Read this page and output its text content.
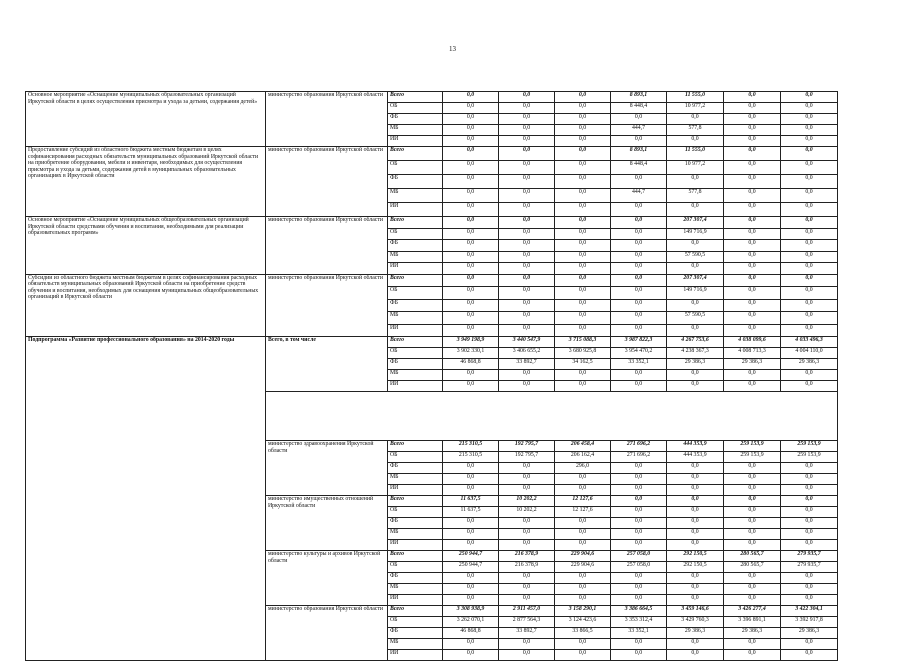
13
Основное мероприятие «Оснащение муниципальных образовательных организаций Иркутской области в целях осуществления присмотра и ухода за детьми, содержания детей»	министерство образования Иркутской области	Всего	0,0	0,0	0,0	8 893,1	11 555,0	0,0	0,0
		ОБ	0,0	0,0	0,0	8 448,4	10 977,2	0,0	0,0
		ФБ	0,0	0,0	0,0	0,0	0,0	0,0	0,0
		МБ	0,0	0,0	0,0	444,7	577,8	0,0	0,0
		ИИ	0,0	0,0	0,0	0,0	0,0	0,0	0,0
Предоставление субсидий из областного бюджета местным бюджетам в целях софинансирования расходных обязательств муниципальных образований Иркутской области на приобретение оборудования, мебели и инвентаря, необходимых для осуществления присмотра и ухода за детьми, содержания детей в муниципальных образовательных организациях в Иркутской области	министерство образования Иркутской области	Всего	0,0	0,0	0,0	8 893,1	11 555,0	0,0	0,0
		ОБ	0,0	0,0	0,0	8 448,4	10 977,2	0,0	0,0
		ФБ	0,0	0,0	0,0	0,0	0,0	0,0	0,0
		МБ	0,0	0,0	0,0	444,7	577,8	0,0	0,0
		ИИ	0,0	0,0	0,0	0,0	0,0	0,0	0,0
Основное мероприятие «Оснащение муниципальных общеобразовательных организаций Иркутской области средствами обучения и воспитания, необходимыми для реализации образовательных программ»	министерство образования Иркутской области	Всего	0,0	0,0	0,0	0,0	207 307,4	0,0	0,0
		ОБ	0,0	0,0	0,0	0,0	149 716,9	0,0	0,0
		ФБ	0,0	0,0	0,0	0,0	0,0	0,0	0,0
		МБ	0,0	0,0	0,0	0,0	57 590,5	0,0	0,0
		ИИ	0,0	0,0	0,0	0,0	0,0	0,0	0,0
Субсидии из областного бюджета местным бюджетам в целях софинансирования расходных обязательств муниципальных образований Иркутской области на приобретение средств обучения и воспитания, необходимых для оснащения муниципальных общеобразовательных организаций в Иркутской области	министерство образования Иркутской области	Всего	0,0	0,0	0,0	0,0	207 307,4	0,0	0,0
		ОБ	0,0	0,0	0,0	0,0	149 716,9	0,0	0,0
		ФБ	0,0	0,0	0,0	0,0	0,0	0,0	0,0
		МБ	0,0	0,0	0,0	0,0	57 590,5	0,0	0,0
		ИИ	0,0	0,0	0,0	0,0	0,0	0,0	0,0
Подпрограмма «Развитие профессионального образования» на 2014-2020 годы	Всего, в том числе	Всего	3 949 198,9	3 440 547,9	3 715 088,3	3 987 822,3	4 267 753,6	4 038 099,6	4 033 496,3
		ОБ	3 902 330,1	3 406 655,2	3 680 925,8	3 954 470,2	4 238 367,3	4 008 713,3	4 004 110,0
		ФБ	46 868,8	33 892,7	34 162,5	33 352,1	29 386,3	29 386,3	29 386,3
		МБ	0,0	0,0	0,0	0,0	0,0	0,0	0,0
		ИИ	0,0	0,0	0,0	0,0	0,0	0,0	0,0

	министерство здравоохранения Иркутской области	Всего	215 310,5	192 795,7	206 458,4	271 696,2	444 353,9	259 153,9	259 153,9
		ОБ	215 310,5	192 795,7	206 162,4	271 696,2	444 353,9	259 153,9	259 153,9
		ФБ	0,0	0,0	296,0	0,0	0,0	0,0	0,0
		МБ	0,0	0,0	0,0	0,0	0,0	0,0	0,0
		ИИ	0,0	0,0	0,0	0,0	0,0	0,0	0,0
	министерство имущественных отношений Иркутской области	Всего	11 637,5	10 202,2	12 127,6	0,0	0,0	0,0	0,0
		ОБ	11 637,5	10 202,2	12 127,6	0,0	0,0	0,0	0,0
		ФБ	0,0	0,0	0,0	0,0	0,0	0,0	0,0
		МБ	0,0	0,0	0,0	0,0	0,0	0,0	0,0
		ИИ	0,0	0,0	0,0	0,0	0,0	0,0	0,0
	министерство культуры и архивов Иркутской области	Всего	250 944,7	216 378,9	229 904,6	257 058,0	292 150,5	280 565,7	279 935,7
		ОБ	250 944,7	216 378,9	229 904,6	257 058,0	292 150,5	280 565,7	279 935,7
		ФБ	0,0	0,0	0,0	0,0	0,0	0,0	0,0
		МБ	0,0	0,0	0,0	0,0	0,0	0,0	0,0
		ИИ	0,0	0,0	0,0	0,0	0,0	0,0	0,0
	министерство образования Иркутской области	Всего	3 308 938,9	2 911 457,0	3 158 290,1	3 386 664,5	3 459 146,6	3 426 277,4	3 422 304,1
		ОБ	3 262 070,1	2 877 564,3	3 124 423,6	3 353 312,4	3 429 760,3	3 396 891,1	3 392 917,8
		ФБ	46 868,8	33 892,7	33 866,5	33 352,1	29 386,3	29 386,3	29 386,3
		МБ	0,0	0,0	0,0	0,0	0,0	0,0	0,0
		ИИ	0,0	0,0	0,0	0,0	0,0	0,0	0,0
